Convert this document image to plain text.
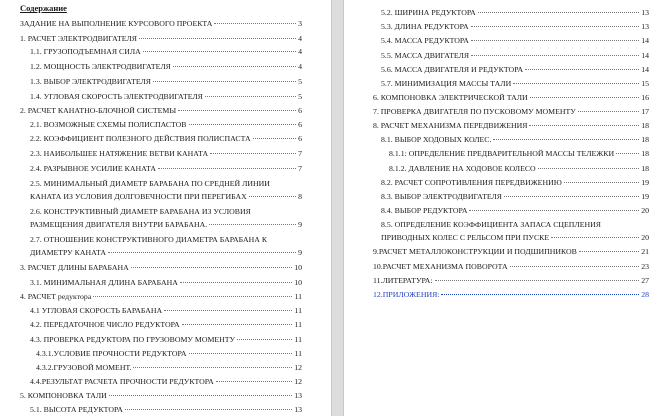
Содержание
ЗАДАНИЕ НА ВЫПОЛНЕНИЕ КУРСОВОГО ПРОЕКТА	3
1. РАСЧЕТ ЭЛЕКТРОДВИГАТЕЛЯ	4
1.1. ГРУЗОПОДЪЕМНАЯ СИЛА	4
1.2. МОЩНОСТЬ ЭЛЕКТРОДВИГАТЕЛЯ	4
1.3. ВЫБОР ЭЛЕКТРОДВИГАТЕЛЯ	5
1.4. УГЛОВАЯ СКОРОСТЬ ЭЛЕКТРОДВИГАТЕЛЯ	5
2. РАСЧЕТ КАНАТНО-БЛОЧНОЙ СИСТЕМЫ	6
2.1. ВОЗМОЖНЫЕ СХЕМЫ ПОЛИСПАСТОВ	6
2.2. КОЭФФИЦИЕНТ ПОЛЕЗНОГО ДЕЙСТВИЯ ПОЛИСПАСТА	6
2.3. НАИБОЛЬШЕЕ НАТЯЖЕНИЕ ВЕТВИ КАНАТА	7
2.4. РАЗРЫВНОЕ УСИЛИЕ КАНАТА	7
2.5. МИНИМАЛЬНЫЙ ДИАМЕТР БАРАБАНА ПО СРЕДНЕЙ ЛИНИИ
КАНАТА ИЗ УСЛОВИЯ ДОЛГОВЕЧНОСТИ ПРИ ПЕРЕГИБАХ	8
2.6. КОНСТРУКТИВНЫЙ ДИАМЕТР БАРАБАНА ИЗ УСЛОВИЯ
РАЗМЕЩЕНИЯ ДВИГАТЕЛЯ ВНУТРИ БАРАБАНА.	9
2.7. ОТНОШЕНИЕ КОНСТРУКТИВНОГО ДИАМЕТРА БАРАБАНА К
ДИАМЕТРУ КАНАТА	9
3. РАСЧЕТ ДЛИНЫ БАРАБАНА	10
3.1. МИНИМАЛЬНАЯ ДЛИНА БАРАБАНА	10
4. РАСЧЕТ редуктора	11
4.1 УГЛОВАЯ СКОРОСТЬ БАРАБАНА	11
4.2. ПЕРЕДАТОЧНОЕ ЧИСЛО РЕДУКТОРА	11
4.3. ПРОВЕРКА РЕДУКТОРА ПО ГРУЗОВОМУ МОМЕНТУ	11
4.3.1.УСЛОВИЕ ПРОЧНОСТИ РЕДУКТОРА	11
4.3.2.ГРУЗОВОЙ МОМЕНТ.	12
4.4.РЕЗУЛЬТАТ РАСЧЕТА ПРОЧНОСТИ РЕДУКТОРА	12
5. КОМПОНОВКА ТАЛИ	13
5.1. ВЫСОТА РЕДУКТОРА	13
5.2. ШИРИНА РЕДУКТОРА	13
5.3. ДЛИНА РЕДУКТОРА	13
5.4. МАССА РЕДУКТОРА	14
5.5. МАССА ДВИГАТЕЛЯ	14
5.6. МАССА ДВИГАТЕЛЯ И РЕДУКТОРА	14
5.7. МИНИМИЗАЦИЯ МАССЫ ТАЛИ	15
6. КОМПОНОВКА ЭЛЕКТРИЧЕСКОЙ ТАЛИ	16
7. ПРОВЕРКА ДВИГАТЕЛЯ ПО ПУСКОВОМУ МОМЕНТУ	17
8. РАСЧЕТ МЕХАНИЗМА ПЕРЕДВИЖЕНИЯ	18
8.1. ВЫБОР ХОДОВЫХ КОЛЕС.	18
8.1.1: ОПРЕДЕЛЕНИЕ ПРЕДВАРИТЕЛЬНОЙ МАССЫ ТЕЛЕЖКИ	18
8.1.2. ДАВЛЕНИЕ НА ХОДОВОЕ КОЛЕСО	18
8.2. РАСЧЕТ СОПРОТИВЛЕНИЯ ПЕРЕДВИЖЕНИЮ	19
8.3. ВЫБОР ЭЛЕКТРОДВИГАТЕЛЯ	19
8.4. ВЫБОР РЕДУКТОРА	20
8.5. ОПРЕДЕЛЕНИЕ КОЭФФИЦИЕНТА ЗАПАСА СЦЕПЛЕНИЯ
ПРИВОДНЫХ КОЛЕС С РЕЛЬСОМ ПРИ ПУСКЕ	20
9.РАСЧЕТ МЕТАЛЛОКОНСТРУКЦИИ И ПОДШИПНИКОВ	21
10.РАСЧЕТ МЕХАНИЗМА ПОВОРОТА	23
11.ЛИТЕРАТУРА:	27
12.ПРИЛОЖЕНИЯ:	28
